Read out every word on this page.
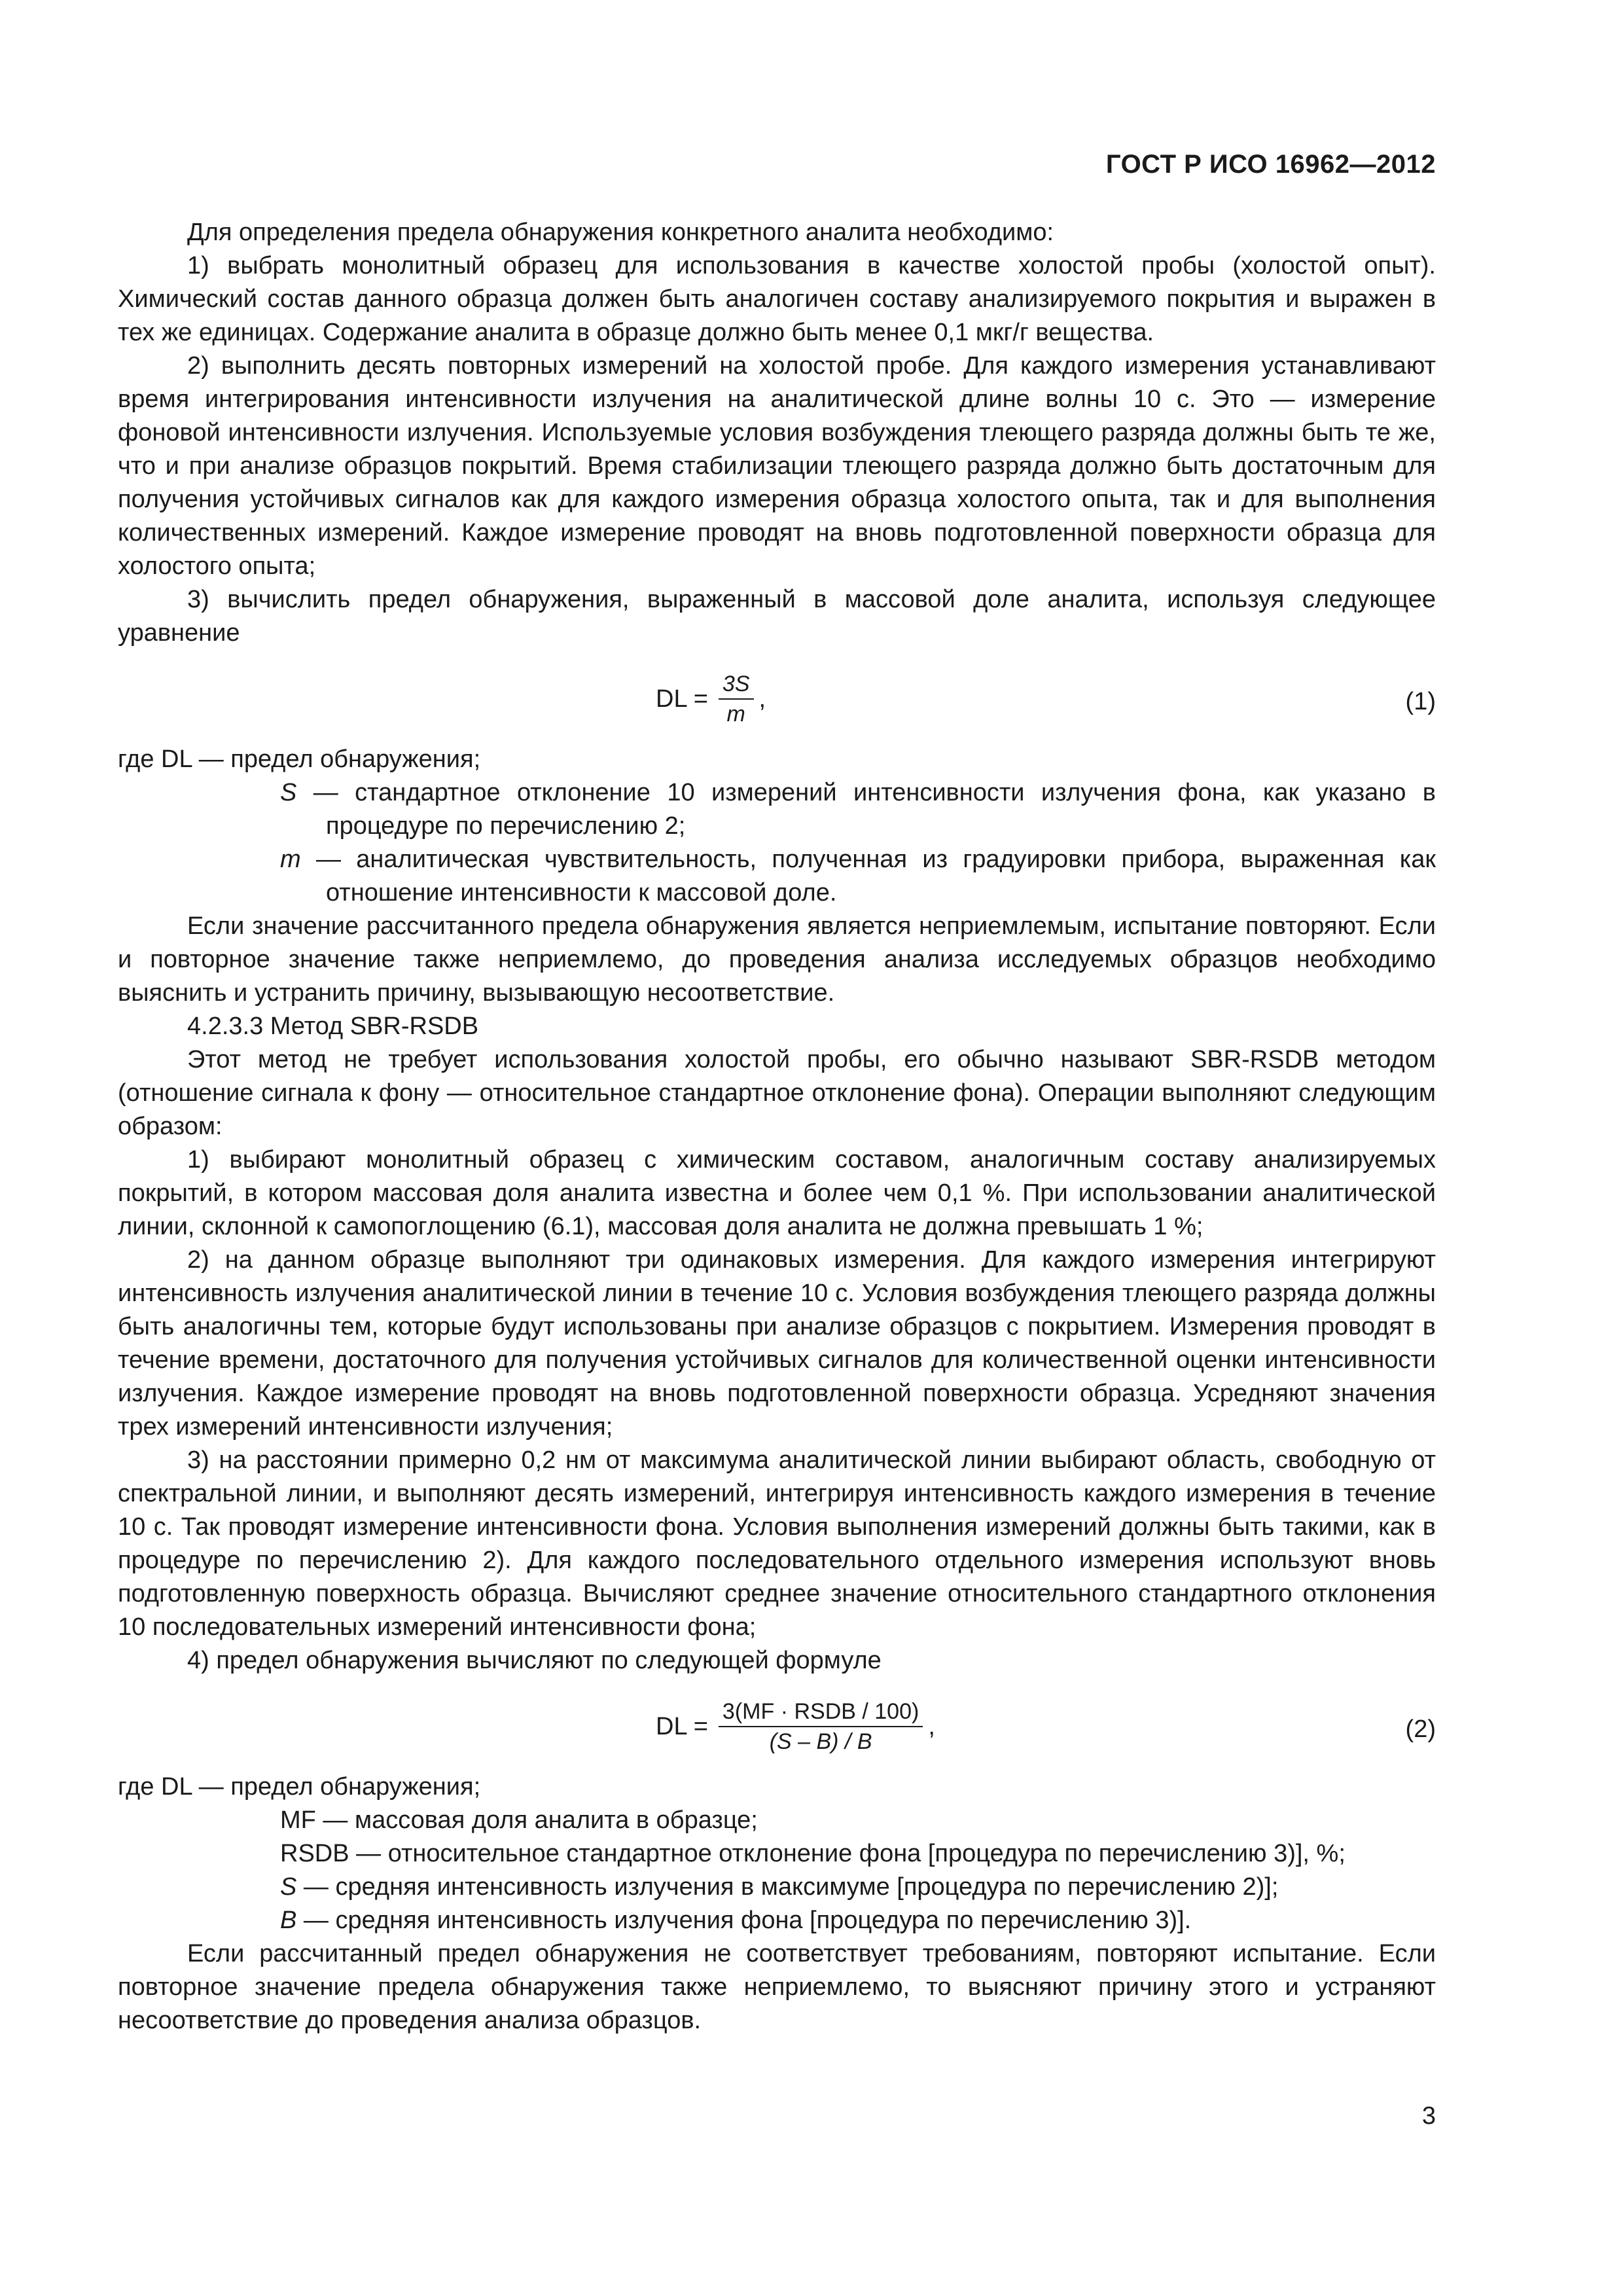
ГОСТ Р ИСО 16962—2012

Для определения предела обнаружения конкретного аналита необходимо:

1) выбрать монолитный образец для использования в качестве холостой пробы (холостой опыт). Химический состав данного образца должен быть аналогичен составу анализируемого покрытия и выражен в тех же единицах. Содержание аналита в образце должно быть менее 0,1 мкг/г вещества.

2) выполнить десять повторных измерений на холостой пробе. Для каждого измерения устанавливают время интегрирования интенсивности излучения на аналитической длине волны 10 с. Это — измерение фоновой интенсивности излучения. Используемые условия возбуждения тлеющего разряда должны быть те же, что и при анализе образцов покрытий. Время стабилизации тлеющего разряда должно быть достаточным для получения устойчивых сигналов как для каждого измерения образца холостого опыта, так и для выполнения количественных измерений. Каждое измерение проводят на вновь подготовленной поверхности образца для холостого опыта;

3) вычислить предел обнаружения, выраженный в массовой доле аналита, используя следующее уравнение

DL = $\frac{3S}{m}$ ,	(1)

где DL — предел обнаружения;

S — стандартное отклонение 10 измерений интенсивности излучения фона, как указано в процедуре по перечислению 2;

m — аналитическая чувствительность, полученная из градуировки прибора, выраженная как отношение интенсивности к массовой доле.

Если значение рассчитанного предела обнаружения является неприемлемым, испытание повторяют. Если и повторное значение также неприемлемо, до проведения анализа исследуемых образцов необходимо выяснить и устранить причину, вызывающую несоответствие.

4.2.3.3 Метод SBR-RSDB

Этот метод не требует использования холостой пробы, его обычно называют SBR-RSDB методом (отношение сигнала к фону — относительное стандартное отклонение фона). Операции выполняют следующим образом:

1) выбирают монолитный образец с химическим составом, аналогичным составу анализируемых покрытий, в котором массовая доля аналита известна и более чем 0,1 %. При использовании аналитической линии, склонной к самопоглощению (6.1), массовая доля аналита не должна превышать 1 %;

2) на данном образце выполняют три одинаковых измерения. Для каждого измерения интегрируют интенсивность излучения аналитической линии в течение 10 с. Условия возбуждения тлеющего разряда должны быть аналогичны тем, которые будут использованы при анализе образцов с покрытием. Измерения проводят в течение времени, достаточного для получения устойчивых сигналов для количественной оценки интенсивности излучения. Каждое измерение проводят на вновь подготовленной поверхности образца. Усредняют значения трех измерений интенсивности излучения;

3) на расстоянии примерно 0,2 нм от максимума аналитической линии выбирают область, свободную от спектральной линии, и выполняют десять измерений, интегрируя интенсивность каждого измерения в течение 10 с. Так проводят измерение интенсивности фона. Условия выполнения измерений должны быть такими, как в процедуре по перечислению 2). Для каждого последовательного отдельного измерения используют вновь подготовленную поверхность образца. Вычисляют среднее значение относительного стандартного отклонения 10 последовательных измерений интенсивности фона;

4) предел обнаружения вычисляют по следующей формуле

DL = $\frac{\text{3(MF · RSDB / 100)}}{(S - B) / B}$ ,	(2)

где DL — предел обнаружения;

MF — массовая доля аналита в образце;

RSDB — относительное стандартное отклонение фона [процедура по перечислению 3)], %;

S — средняя интенсивность излучения в максимуме [процедура по перечислению 2)];

B — средняя интенсивность излучения фона [процедура по перечислению 3)].

Если рассчитанный предел обнаружения не соответствует требованиям, повторяют испытание. Если повторное значение предела обнаружения также неприемлемо, то выясняют причину этого и устраняют несоответствие до проведения анализа образцов.

3
